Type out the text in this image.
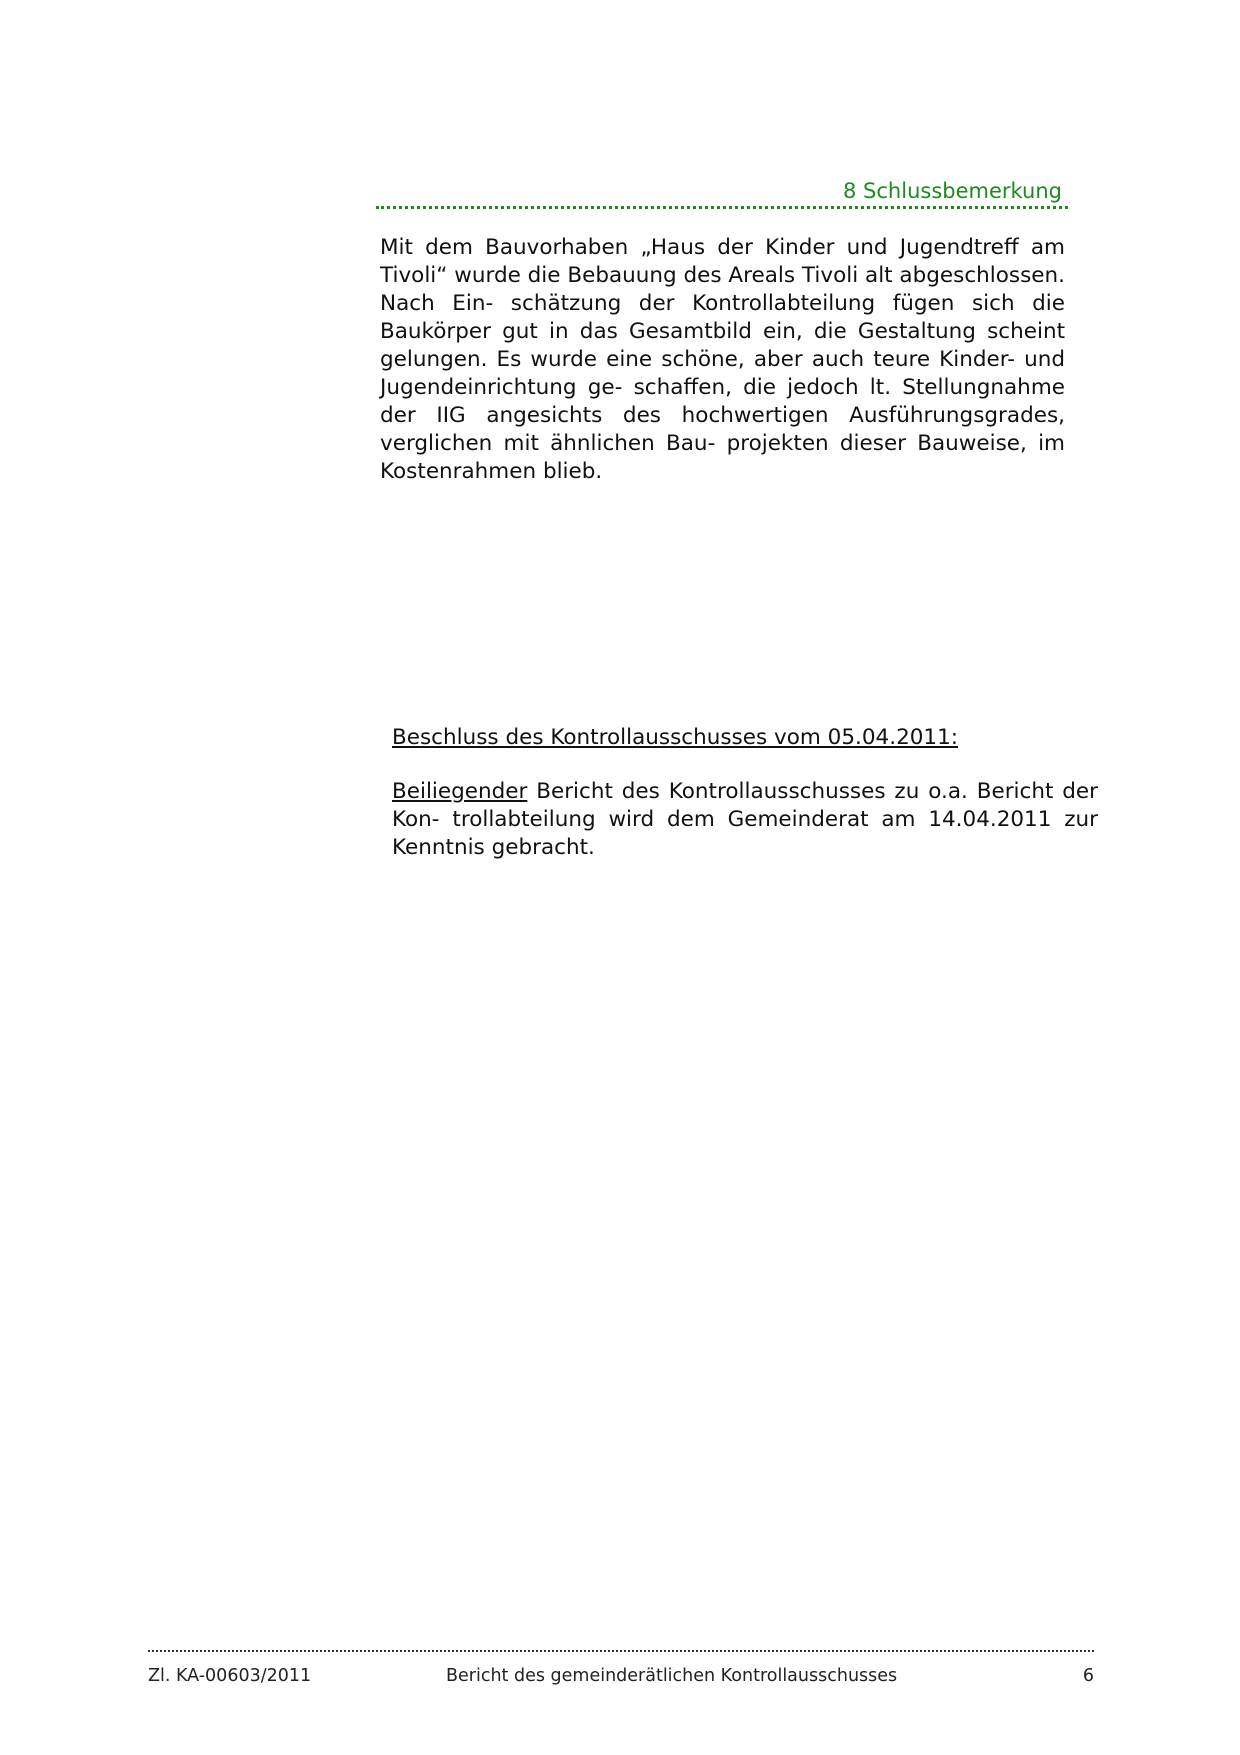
8 Schlussbemerkung
Mit dem Bauvorhaben „Haus der Kinder und Jugendtreff am Tivoli“ wurde die Bebauung des Areals Tivoli alt abgeschlossen. Nach Ein- schätzung der Kontrollabteilung fügen sich die Baukörper gut in das Gesamtbild ein, die Gestaltung scheint gelungen. Es wurde eine schöne, aber auch teure Kinder- und Jugendeinrichtung ge- schaffen, die jedoch lt. Stellungnahme der IIG angesichts des hochwertigen Ausführungsgrades, verglichen mit ähnlichen Bau- projekten dieser Bauweise, im Kostenrahmen blieb.
Beschluss des Kontrollausschusses vom 05.04.2011:
Beiliegender Bericht des Kontrollausschusses zu o.a. Bericht der Kon- trollabteilung wird dem Gemeinderat am 14.04.2011 zur Kenntnis gebracht.
Zl. KA-00603/2011	Bericht des gemeinderätlichen Kontrollausschusses	6
